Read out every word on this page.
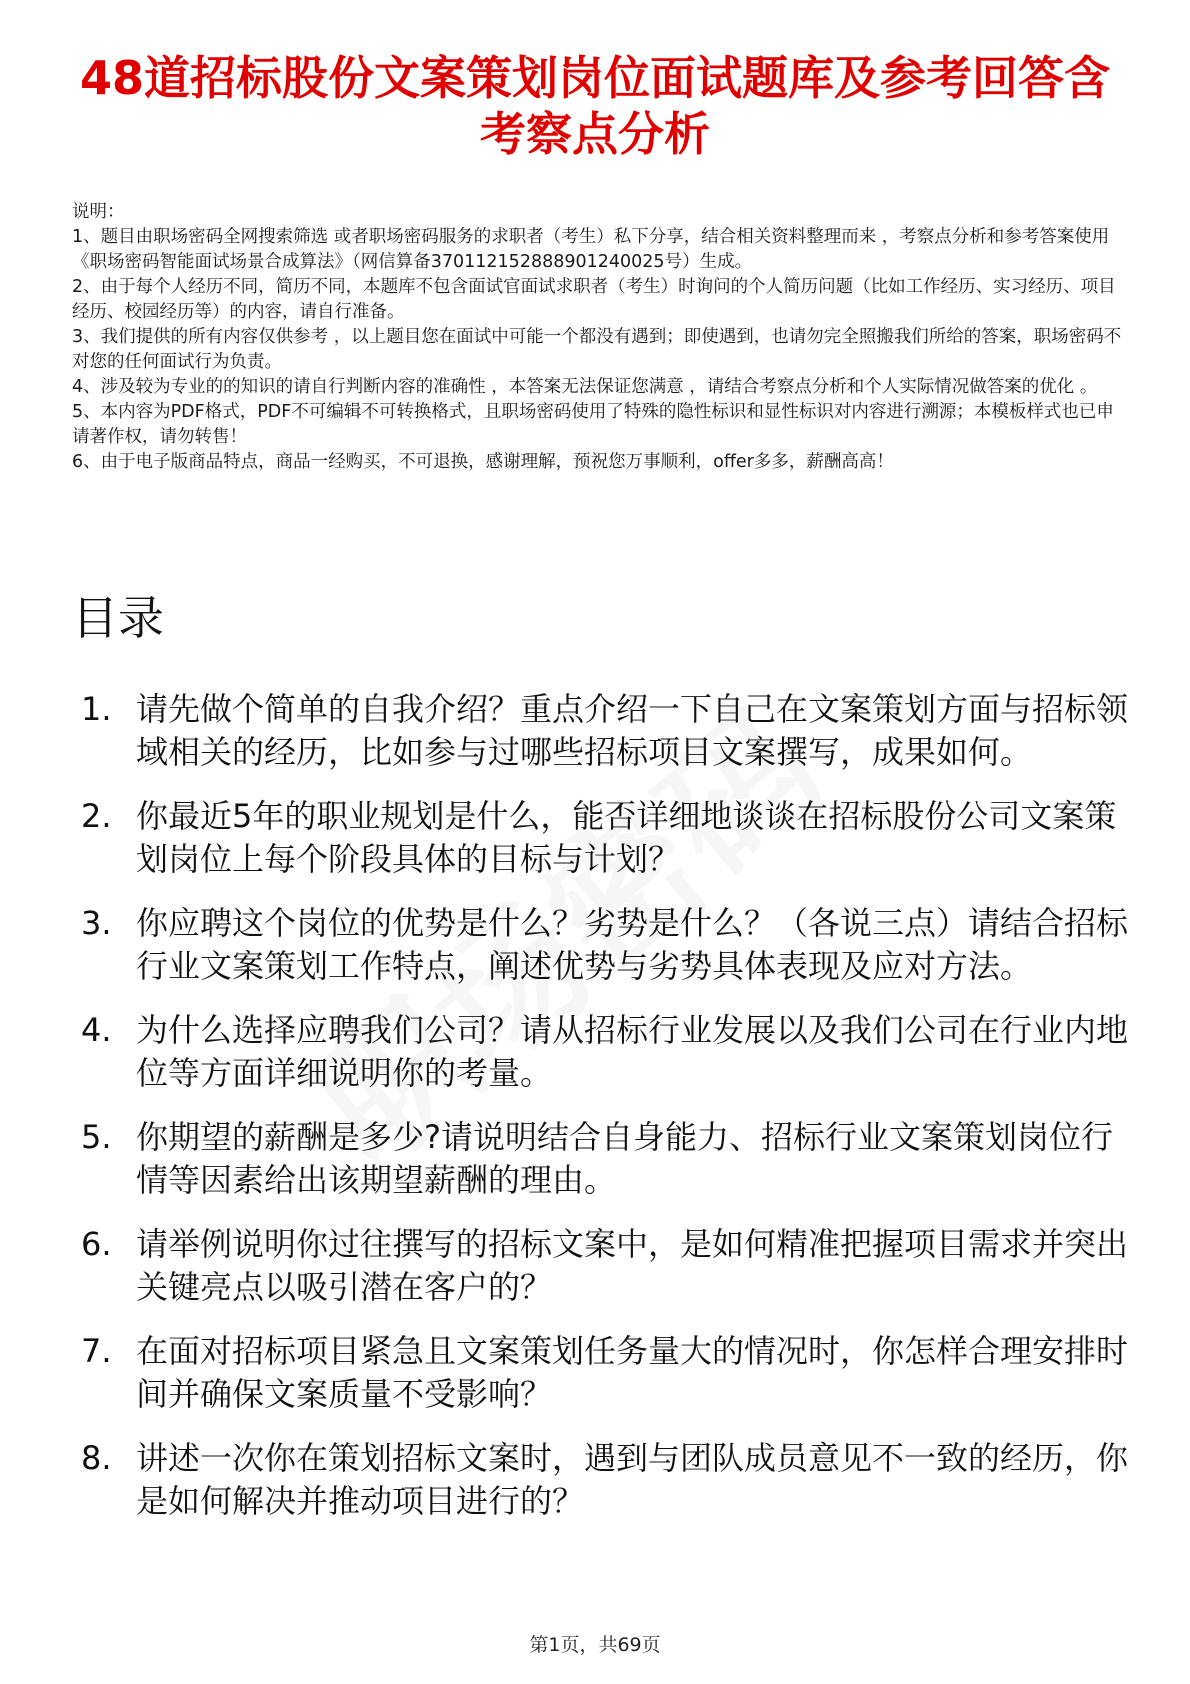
48道招标股份文案策划岗位面试题库及参考回答含考察点分析
说明：
1、题目由职场密码全网搜索筛选 或者职场密码服务的求职者（考生）私下分享，结合相关资料整理而来 ，考察点分析和参考答案使用《职场密码智能面试场景合成算法》（网信算备370112152888901240025号）生成。
2、由于每个人经历不同，简历不同，本题库不包含面试官面试求职者（考生）时询问的个人简历问题（比如工作经历、实习经历、项目经历、校园经历等）的内容，请自行准备。
3、我们提供的所有内容仅供参考 ，以上题目您在面试中可能一个都没有遇到；即使遇到，也请勿完全照搬我们所给的答案，职场密码不对您的任何面试行为负责。
4、涉及较为专业的的知识的请自行判断内容的准确性 ，本答案无法保证您满意 ，请结合考察点分析和个人实际情况做答案的优化 。
5、本内容为PDF格式，PDF不可编辑不可转换格式，且职场密码使用了特殊的隐性标识和显性标识对内容进行溯源；本模板样式也已申请著作权，请勿转售！
6、由于电子版商品特点，商品一经购买，不可退换，感谢理解，预祝您万事顺利，offer多多，薪酬高高！
目录
1. 请先做个简单的自我介绍？重点介绍一下自己在文案策划方面与招标领域相关的经历，比如参与过哪些招标项目文案撰写，成果如何。
2. 你最近5年的职业规划是什么，能否详细地谈谈在招标股份公司文案策划岗位上每个阶段具体的目标与计划？
3. 你应聘这个岗位的优势是什么？劣势是什么？（各说三点）请结合招标行业文案策划工作特点，阐述优势与劣势具体表现及应对方法。
4. 为什么选择应聘我们公司？请从招标行业发展以及我们公司在行业内地位等方面详细说明你的考量。
5. 你期望的薪酬是多少?请说明结合自身能力、招标行业文案策划岗位行情等因素给出该期望薪酬的理由。
6. 请举例说明你过往撰写的招标文案中，是如何精准把握项目需求并突出关键亮点以吸引潜在客户的？
7. 在面对招标项目紧急且文案策划任务量大的情况时，你怎样合理安排时间并确保文案质量不受影响？
8. 讲述一次你在策划招标文案时，遇到与团队成员意见不一致的经历，你是如何解决并推动项目进行的？
第1页，共69页
